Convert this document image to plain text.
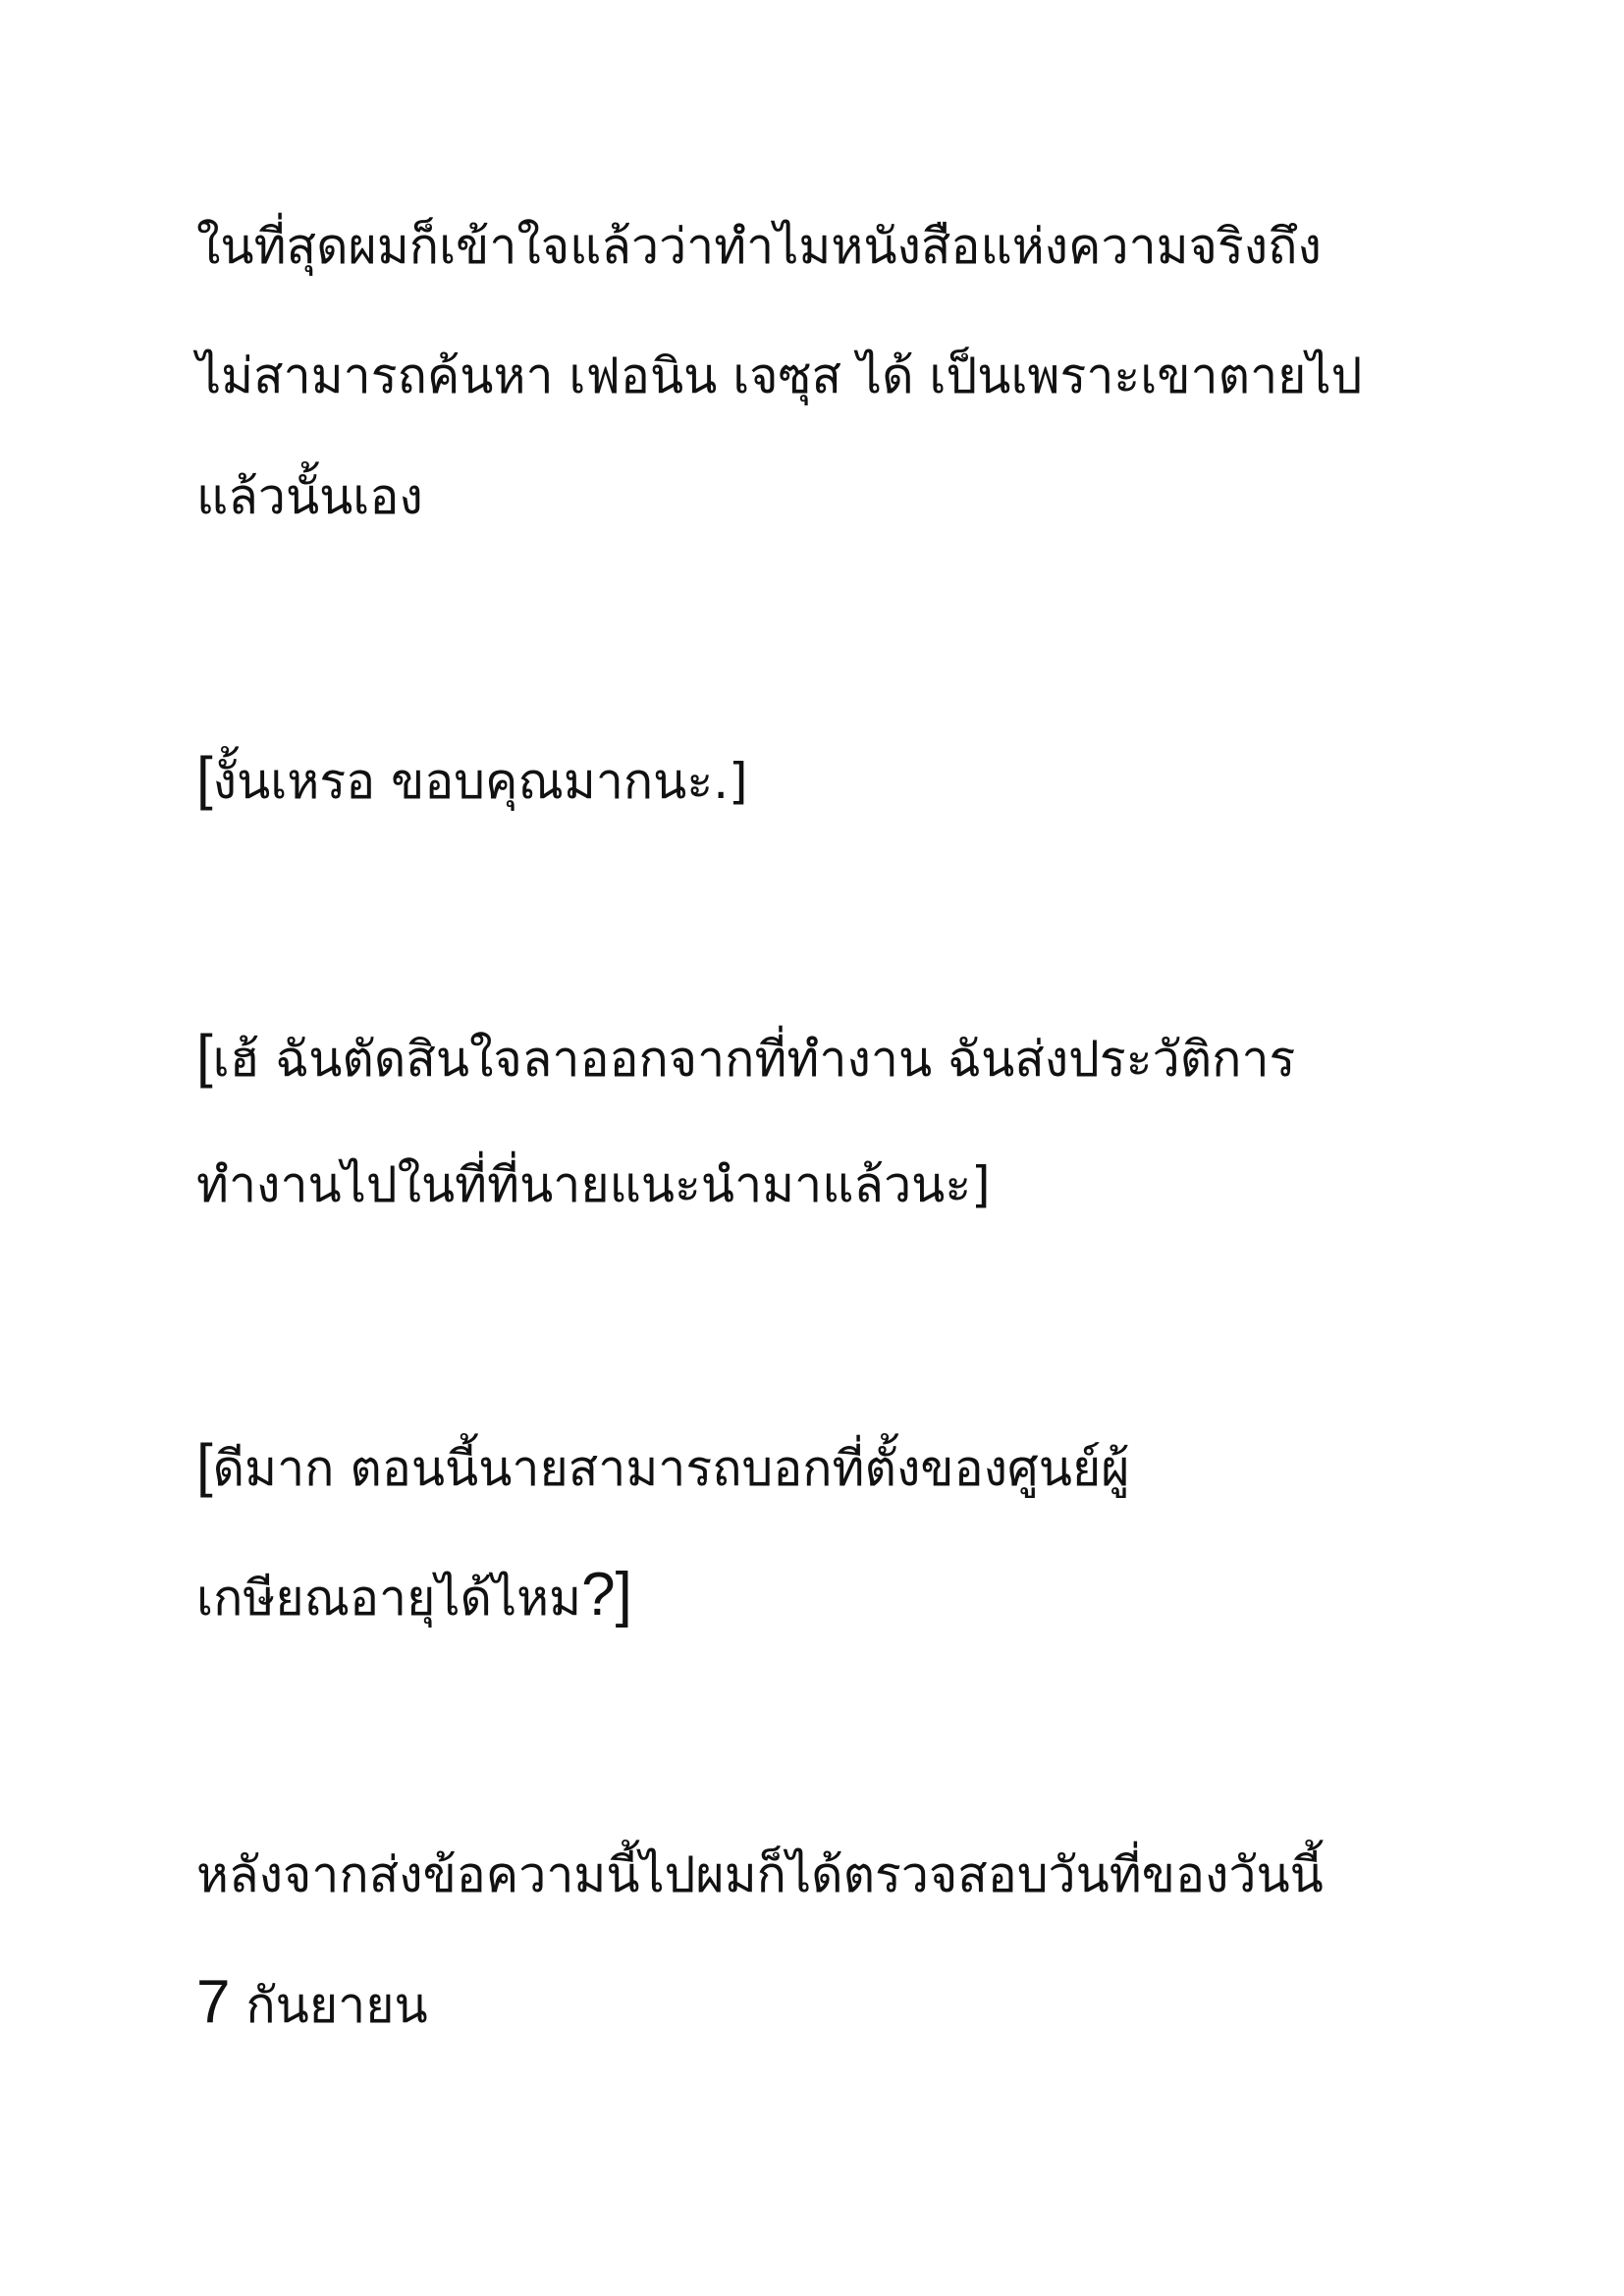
ในที่สุดผมก็เข้าใจแล้วว่าทำไมหนังสือแห่งความจริงถึง
ไม่สามารถค้นหา เฟอนิน เจซุส ได้ เป็นเพราะเขาตายไป
แล้วนั้นเอง
[งั้นเหรอ ขอบคุณมากนะ.]
[เฮ้ ฉันตัดสินใจลาออกจากที่ทำงาน ฉันส่งประวัติการ
ทำงานไปในที่ที่นายแนะนำมาแล้วนะ]
[ดีมาก ตอนนี้นายสามารถบอกที่ตั้งของศูนย์ผู้
เกษียณอายุได้ไหม?]
หลังจากส่งข้อความนี้ไปผมก็ได้ตรวจสอบวันที่ของวันนี้
7 กันยายน
